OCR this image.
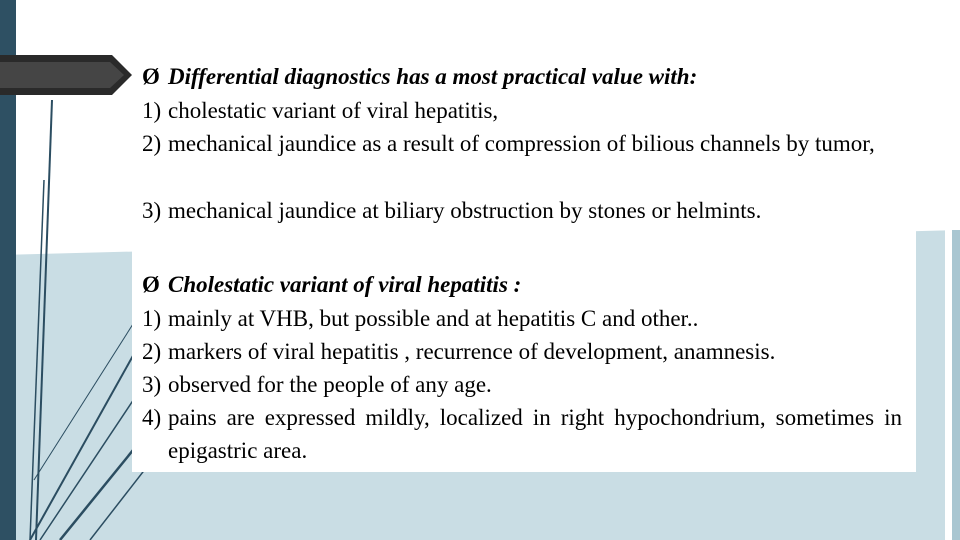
Ø Differential diagnostics has a most practical value with:
1) cholestatic variant of viral hepatitis,
2) mechanical jaundice as a result of compression of bilious channels by tumor,
3) mechanical jaundice at biliary obstruction by stones or helmints.
Ø Cholestatic variant of viral hepatitis :
1) mainly at VHB, but possible and at hepatitis C and other..
2) markers of viral hepatitis , recurrence of development, anamnesis.
3) observed for the people of any age.
4) pains are expressed mildly, localized in right hypochondrium, sometimes in epigastric area.
